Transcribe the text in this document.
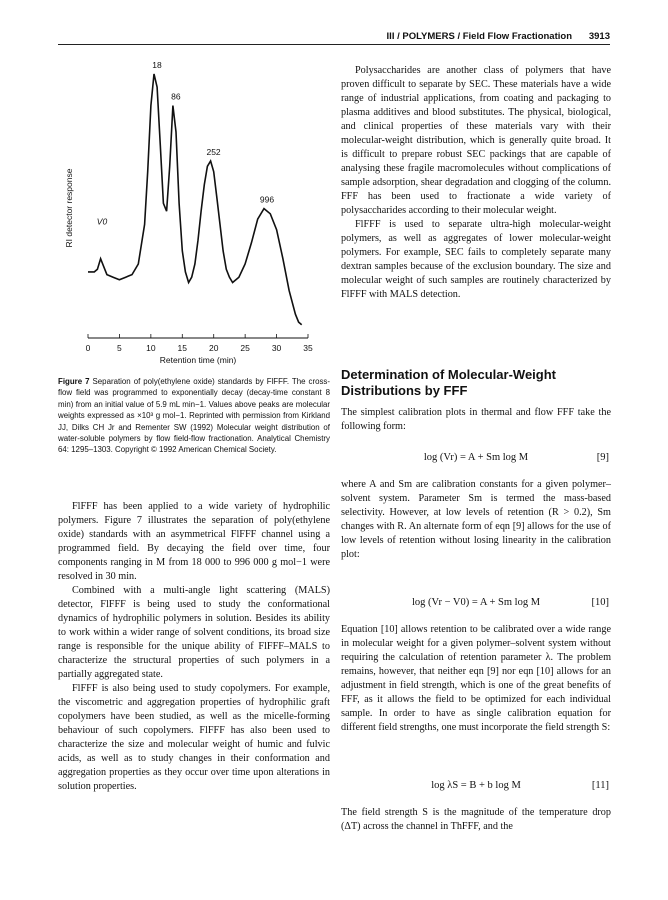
III / POLYMERS / Field Flow Fractionation 3913
0	5	10	15	20	25	30	35
18
86
252
996
RI detector response
Retention time (min)
V0
Figure 7 Separation of poly(ethylene oxide) standards by FlFFF. The cross-flow field was programmed to exponentially decay (decay-time constant 8 min) from an initial value of 5.9 mL min−1. Values above peaks are molecular weights expressed as ×10³ g mol−1. Reprinted with permission from Kirkland JJ, Dilks CH Jr and Rementer SW (1992) Molecular weight distribution of water-soluble polymers by flow field-flow fractionation. Analytical Chemistry 64: 1295–1303. Copyright © 1992 American Chemical Society.

FlFFF has been applied to a wide variety of hydrophilic polymers. Figure 7 illustrates the separation of poly(ethylene oxide) standards with an asymmetrical FlFFF channel using a programmed field. By decaying the field over time, four components ranging in M from 18 000 to 996 000 g mol−1 were resolved in 30 min.

Combined with a multi-angle light scattering (MALS) detector, FlFFF is being used to study the conformational dynamics of hydrophilic polymers in solution. Besides its ability to work within a wider range of solvent conditions, its broad size range is responsible for the unique ability of FlFFF–MALS to characterize the structural properties of such polymers in a partially aggregated state.

FlFFF is also being used to study copolymers. For example, the viscometric and aggregation properties of hydrophilic graft copolymers have been studied, as well as the micelle-forming behaviour of such copolymers. FlFFF has also been used to characterize the size and molecular weight of humic and fulvic acids, as well as to study changes in their conformation and aggregation properties as they occur over time upon alterations in solution properties.

Polysaccharides are another class of polymers that have proven difficult to separate by SEC. These materials have a wide range of industrial applications, from coating and packaging to plasma additives and blood substitutes. The physical, biological, and clinical properties of these materials vary with their molecular-weight distribution, which is generally quite broad. It is difficult to prepare robust SEC packings that are capable of analysing these fragile macromolecules without complications of sample adsorption, shear degradation and clogging of the column. FFF has been used to fractionate a wide variety of polysaccharides according to their molecular weight.

FlFFF is used to separate ultra-high molecular-weight polymers, as well as aggregates of lower molecular-weight polymers. For example, SEC fails to completely separate many dextran samples because of the exclusion boundary. The size and molecular weight of such samples are routinely characterized by FlFFF with MALS detection.

Determination of Molecular-Weight Distributions by FFF

The simplest calibration plots in thermal and flow FFF take the following form:

log (Vr) = A + Sm log M	[9]

where A and Sm are calibration constants for a given polymer–solvent system. Parameter Sm is termed the mass-based selectivity. However, at low levels of retention (R > 0.2), Sm changes with R. An alternate form of eqn [9] allows for the use of low levels of retention without losing linearity in the calibration plot:

log (Vr − V0) = A + Sm log M	[10]

Equation [10] allows retention to be calibrated over a wide range in molecular weight for a given polymer–solvent system without requiring the calculation of retention parameter λ. The problem remains, however, that neither eqn [9] nor eqn [10] allows for an adjustment in field strength, which is one of the great benefits of FFF, as it allows the field to be optimized for each individual sample. In order to have as single calibration equation for different field strengths, one must incorporate the field strength S:

log λS = B + b log M	[11]

The field strength S is the magnitude of the temperature drop (ΔT) across the channel in ThFFF, and the
